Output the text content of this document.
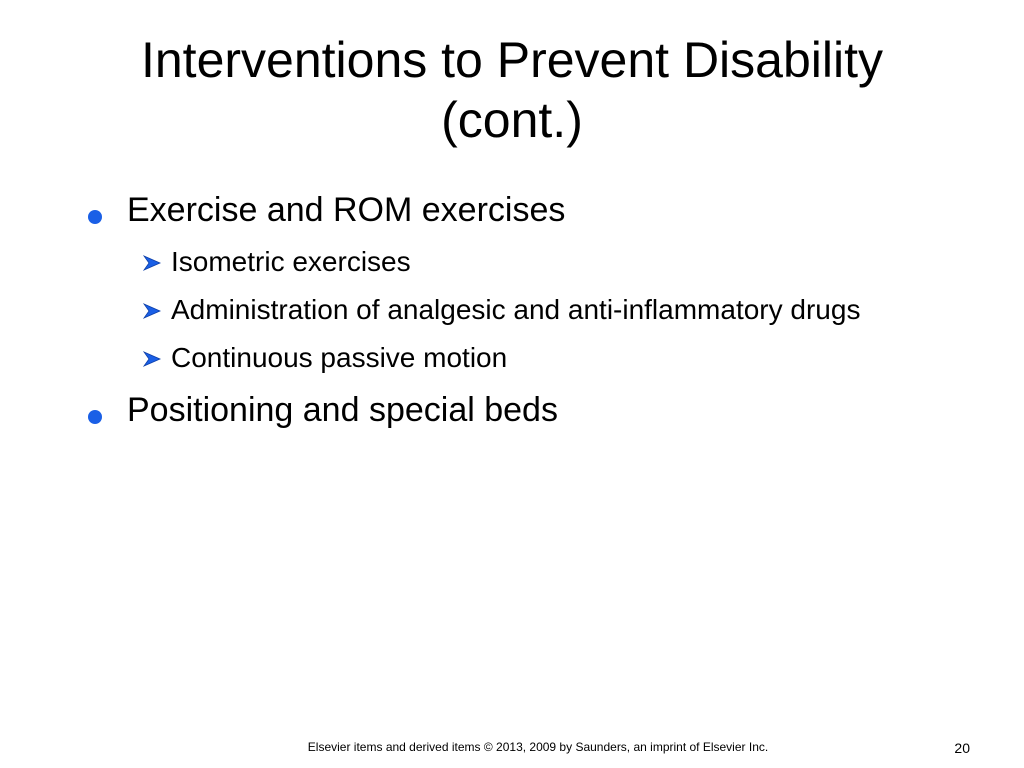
Interventions to Prevent Disability
(cont.)
Exercise and ROM exercises
Isometric exercises
Administration of analgesic and anti-inflammatory drugs
Continuous passive motion
Positioning and special beds
Elsevier items and derived items © 2013, 2009 by Saunders, an imprint of Elsevier Inc.	20
